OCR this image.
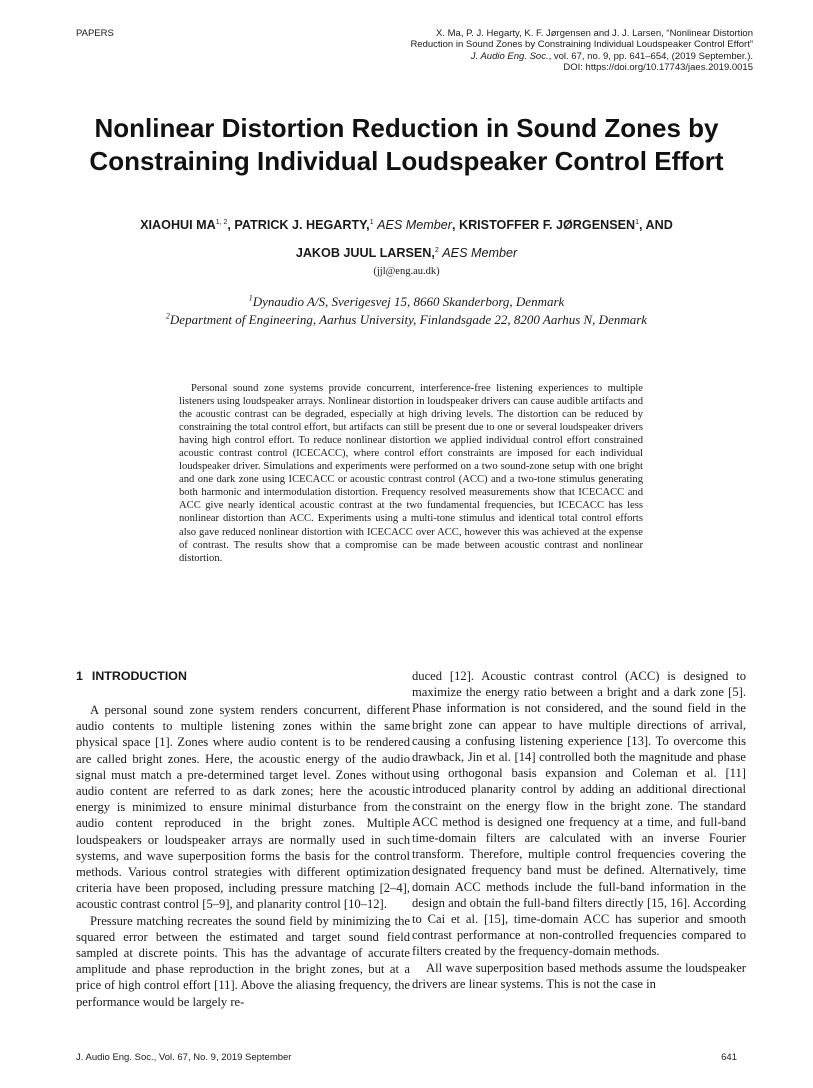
PAPERS	X. Ma, P. J. Hegarty, K. F. Jørgensen and J. J. Larsen, “Nonlinear Distortion
Reduction in Sound Zones by Constraining Individual Loudspeaker Control Effort”
J. Audio Eng. Soc., vol. 67, no. 9, pp. 641–654, (2019 September.).
DOI: https://doi.org/10.17743/jaes.2019.0015
Nonlinear Distortion Reduction in Sound Zones by
Constraining Individual Loudspeaker Control Effort
XIAOHUI MA$^{1, 2}$, PATRICK J. HEGARTY,$^1$ AES Member, KRISTOFFER F. JØRGENSEN$^1$, AND
JAKOB JUUL LARSEN,$^2$ AES Member
(jjl@eng.au.dk)
$^1$Dynaudio A/S, Sverigesvej 15, 8660 Skanderborg, Denmark
$^2$Department of Engineering, Aarhus University, Finlandsgade 22, 8200 Aarhus N, Denmark

Personal sound zone systems provide concurrent, interference-free listening experiences to multiple listeners using loudspeaker arrays. Nonlinear distortion in loudspeaker drivers can cause audible artifacts and the acoustic contrast can be degraded, especially at high driving levels. The distortion can be reduced by constraining the total control effort, but artifacts can still be present due to one or several loudspeaker drivers having high control effort. To reduce nonlinear distortion we applied individual control effort constrained acoustic contrast control (ICECACC), where control effort constraints are imposed for each individual loudspeaker driver. Simulations and experiments were performed on a two sound-zone setup with one bright and one dark zone using ICECACC or acoustic contrast control (ACC) and a two-tone stimulus generating both harmonic and intermodulation distortion. Frequency resolved measurements show that ICECACC and ACC give nearly identical acoustic contrast at the two fundamental frequencies, but ICECACC has less nonlinear distortion than ACC. Experiments using a multi-tone stimulus and identical total control efforts also gave reduced nonlinear distortion with ICECACC over ACC, however this was achieved at the expense of contrast. The results show that a compromise can be made between acoustic contrast and nonlinear distortion.

1 INTRODUCTION

A personal sound zone system renders concurrent, different audio contents to multiple listening zones within the same physical space [1]. Zones where audio content is to be rendered are called bright zones. Here, the acoustic energy of the audio signal must match a pre-determined target level. Zones without audio content are referred to as dark zones; here the acoustic energy is minimized to ensure minimal disturbance from the audio content reproduced in the bright zones. Multiple loudspeakers or loudspeaker arrays are normally used in such systems, and wave superposition forms the basis for the control methods. Various control strategies with different optimization criteria have been proposed, including pressure matching [2–4], acoustic contrast control [5–9], and planarity control [10–12].

Pressure matching recreates the sound field by minimizing the squared error between the estimated and target sound field sampled at discrete points. This has the advantage of accurate amplitude and phase reproduction in the bright zones, but at a price of high control effort [11]. Above the aliasing frequency, the performance would be largely re-

duced [12]. Acoustic contrast control (ACC) is designed to maximize the energy ratio between a bright and a dark zone [5]. Phase information is not considered, and the sound field in the bright zone can appear to have multiple directions of arrival, causing a confusing listening experience [13]. To overcome this drawback, Jin et al. [14] controlled both the magnitude and phase using orthogonal basis expansion and Coleman et al. [11] introduced planarity control by adding an additional directional constraint on the energy flow in the bright zone. The standard ACC method is designed one frequency at a time, and full-band time-domain filters are calculated with an inverse Fourier transform. Therefore, multiple control frequencies covering the designated frequency band must be defined. Alternatively, time domain ACC methods include the full-band information in the design and obtain the full-band filters directly [15, 16]. According to Cai et al. [15], time-domain ACC has superior and smooth contrast performance at non-controlled frequencies compared to filters created by the frequency-domain methods.

All wave superposition based methods assume the loudspeaker drivers are linear systems. This is not the case in

J. Audio Eng. Soc., Vol. 67, No. 9, 2019 September	641
